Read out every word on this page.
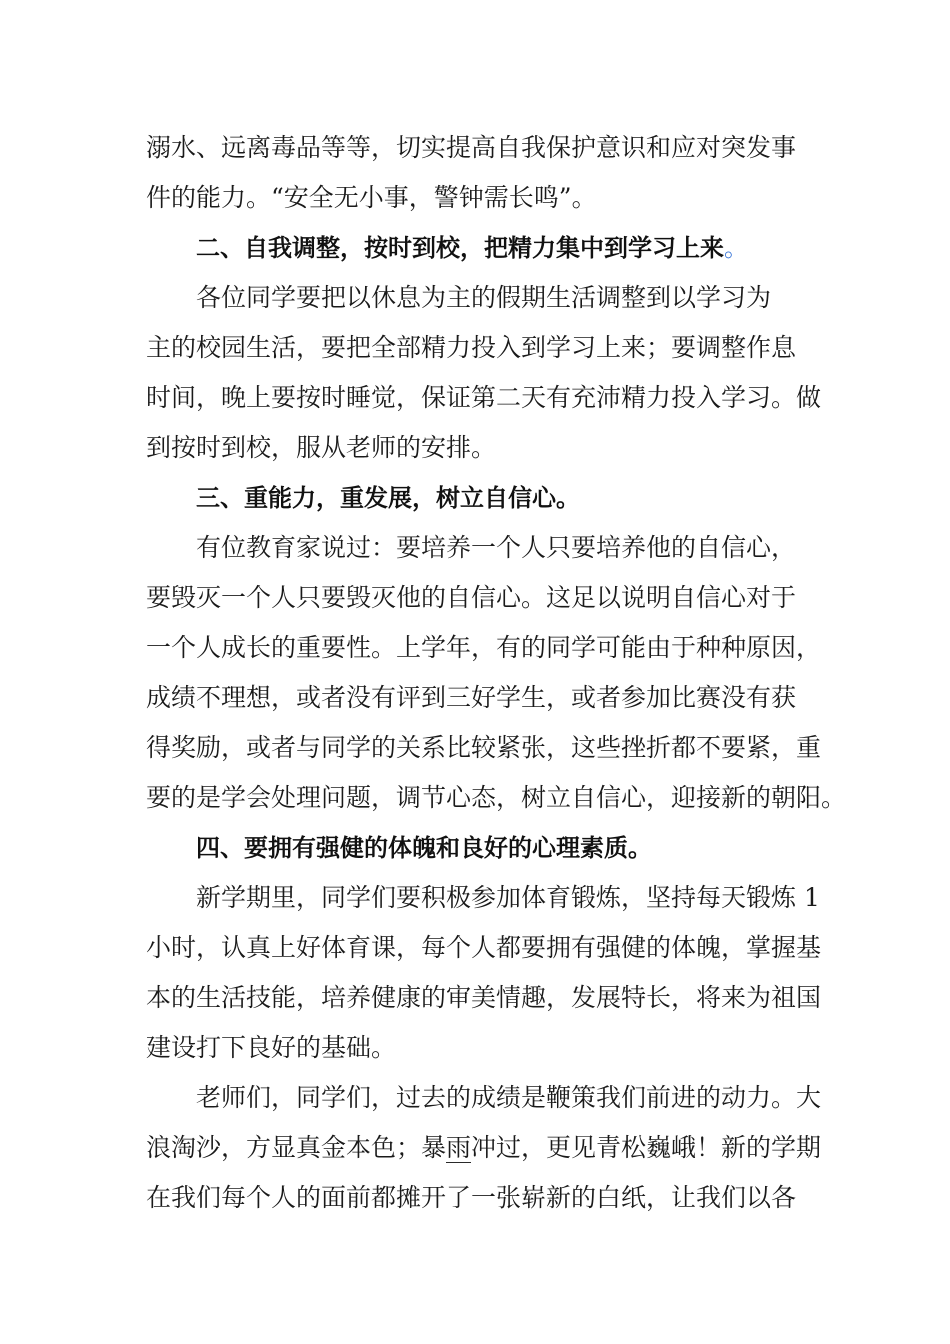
溺水、远离毒品等等，切实提高自我保护意识和应对突发事
件的能力。“安全无小事，警钟需长鸣”。
二、自我调整，按时到校，把精力集中到学习上来。
各位同学要把以休息为主的假期生活调整到以学习为
主的校园生活，要把全部精力投入到学习上来；要调整作息
时间，晚上要按时睡觉，保证第二天有充沛精力投入学习。做
到按时到校，服从老师的安排。
三、重能力，重发展，树立自信心。
有位教育家说过：要培养一个人只要培养他的自信心，
要毁灭一个人只要毁灭他的自信心。这足以说明自信心对于
一个人成长的重要性。上学年，有的同学可能由于种种原因，
成绩不理想，或者没有评到三好学生，或者参加比赛没有获
得奖励，或者与同学的关系比较紧张，这些挫折都不要紧，重
要的是学会处理问题，调节心态，树立自信心，迎接新的朝阳。
四、要拥有强健的体魄和良好的心理素质。
新学期里，同学们要积极参加体育锻炼，坚持每天锻炼 1
小时，认真上好体育课，每个人都要拥有强健的体魄，掌握基
本的生活技能，培养健康的审美情趣，发展特长，将来为祖国
建设打下良好的基础。
老师们，同学们，过去的成绩是鞭策我们前进的动力。大
浪淘沙，方显真金本色；暴雨冲过，更见青松巍峨！新的学期
在我们每个人的面前都摊开了一张崭新的白纸，让我们以各
